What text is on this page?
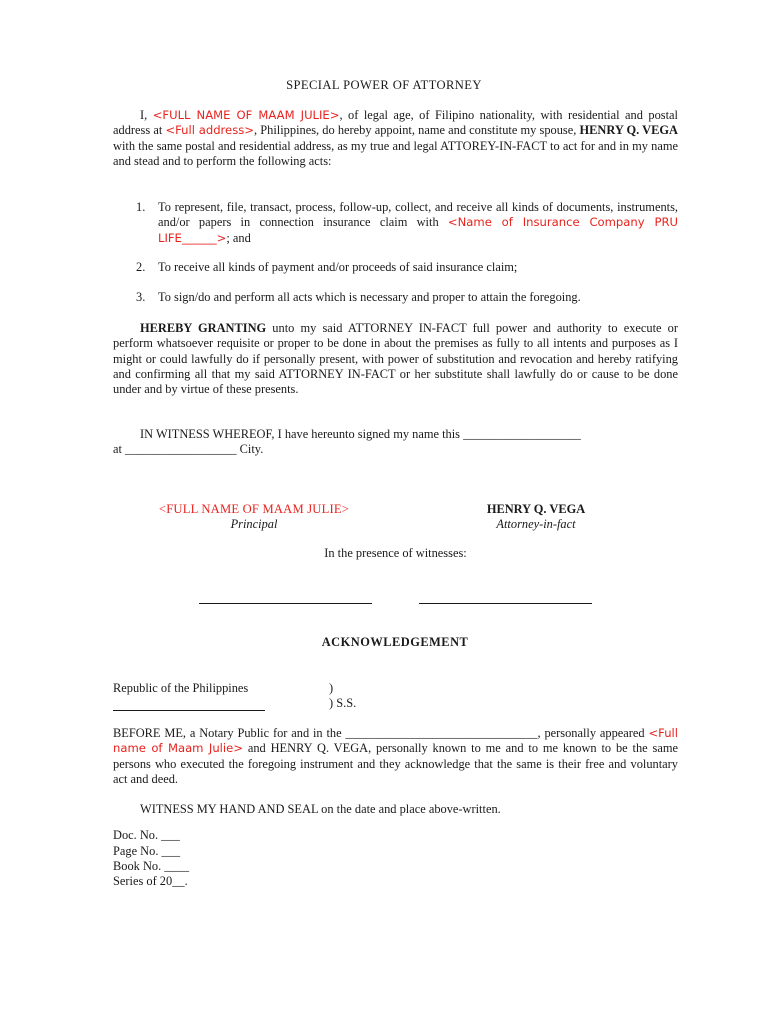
SPECIAL POWER OF ATTORNEY
I, <FULL NAME OF MAAM JULIE>, of legal age, of Filipino nationality, with residential and postal address at <Full address>, Philippines, do hereby appoint, name and constitute my spouse, HENRY Q. VEGA with the same postal and residential address, as my true and legal ATTOREY-IN-FACT to act for and in my name and stead and to perform the following acts:
1.	To represent, file, transact, process, follow-up, collect, and receive all kinds of documents, instruments, and/or papers in connection insurance claim with <Name of Insurance Company PRU LIFE______>; and
2.	To receive all kinds of payment and/or proceeds of said insurance claim;
3.	To sign/do and perform all acts which is necessary and proper to attain the foregoing.
HEREBY GRANTING unto my said ATTORNEY IN-FACT full power and authority to execute or perform whatsoever requisite or proper to be done in about the premises as fully to all intents and purposes as I might or could lawfully do if personally present, with power of substitution and revocation and hereby ratifying and confirming all that my said ATTORNEY IN-FACT or her substitute shall lawfully do or cause to be done under and by virtue of these presents.
IN WITNESS WHEREOF, I have hereunto signed my name this ___________________
at __________________ City.
<FULL NAME OF MAAM JULIE>
Principal
HENRY Q. VEGA
Attorney-in-fact
In the presence of witnesses:
ACKNOWLEDGEMENT
Republic of the Philippines	)
) S.S.
BEFORE ME, a Notary Public for and in the _______________________________, personally appeared <Full name of Maam Julie> and HENRY Q. VEGA, personally known to me and to me known to be the same persons who executed the foregoing instrument and they acknowledge that the same is their free and voluntary act and deed.
WITNESS MY HAND AND SEAL on the date and place above-written.
Doc. No. ___
Page No. ___
Book No. ____
Series of 20__.
